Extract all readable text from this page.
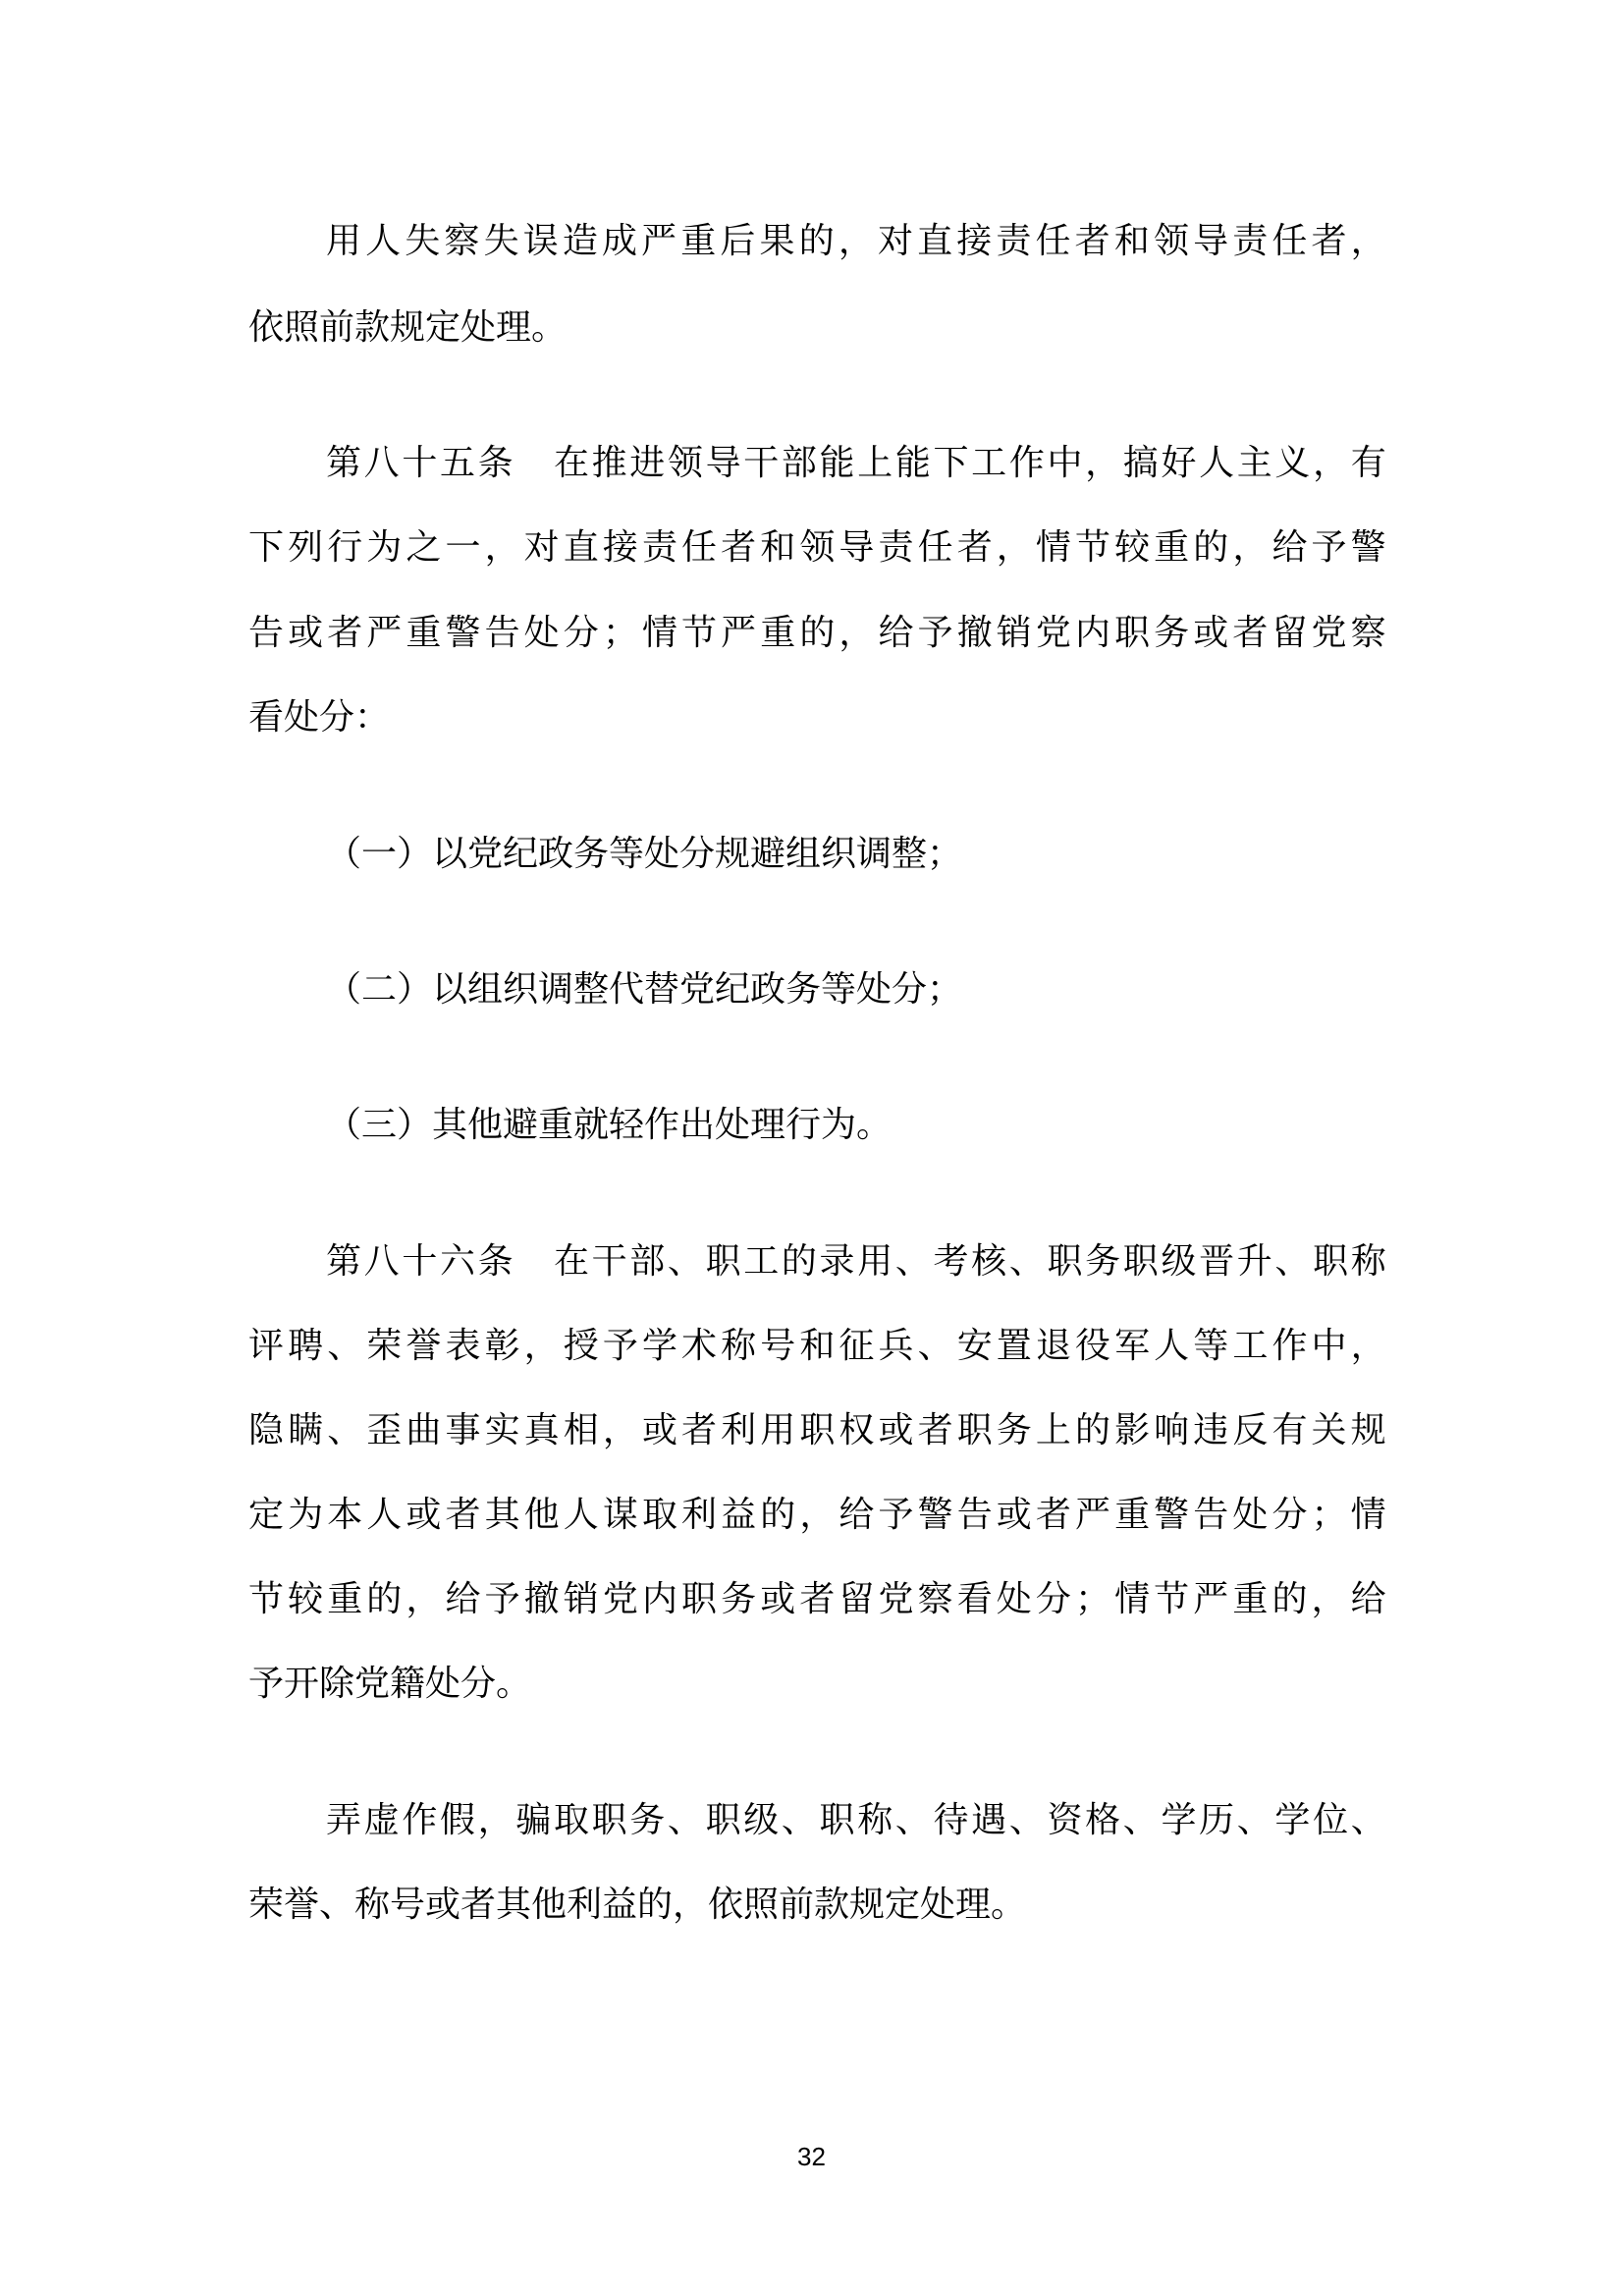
用 人 失 察 失 误 造 成 严 重 后 果 的 ， 对 直 接 责 任 者 和 领 导 责 任 者 ，
依照前款规定处理。
第 八 十 五 条
　 在 推 进 领 导 干 部 能 上 能 下 工 作 中 ， 搞 好 人 主 义 ， 有
下 列 行 为 之 一 ， 对 直 接 责 任 者 和 领 导 责 任 者 ， 情 节 较 重 的 ， 给 予 警
告 或 者 严 重 警 告 处 分 ； 情 节 严 重 的 ， 给 予 撤 销 党 内 职 务 或 者 留 党 察
看处分：
（一）以党纪政务等处分规避组织调整；
（二）以组织调整代替党纪政务等处分；
（三）其他避重就轻作出处理行为。
第 八 十 六 条
　 在 干 部 、 职 工 的 录 用 、 考 核 、 职 务 职 级 晋 升 、 职 称
评 聘 、 荣 誉 表 彰 ， 授 予 学 术 称 号 和 征 兵 、 安 置 退 役 军 人 等 工 作 中 ，
隐 瞒 、 歪 曲 事 实 真 相 ， 或 者 利 用 职 权 或 者 职 务 上 的 影 响 违 反 有 关 规
定 为 本 人 或 者 其 他 人 谋 取 利 益 的 ， 给 予 警 告 或 者 严 重 警 告 处 分 ； 情
节 较 重 的 ， 给 予 撤 销 党 内 职 务 或 者 留 党 察 看 处 分 ； 情 节 严 重 的 ， 给
予开除党籍处分。
弄 虚 作 假 ， 骗 取 职 务 、 职 级 、 职 称 、 待 遇 、 资 格 、 学 历 、 学 位 、
荣誉、称号或者其他利益的，依照前款规定处理。
32
